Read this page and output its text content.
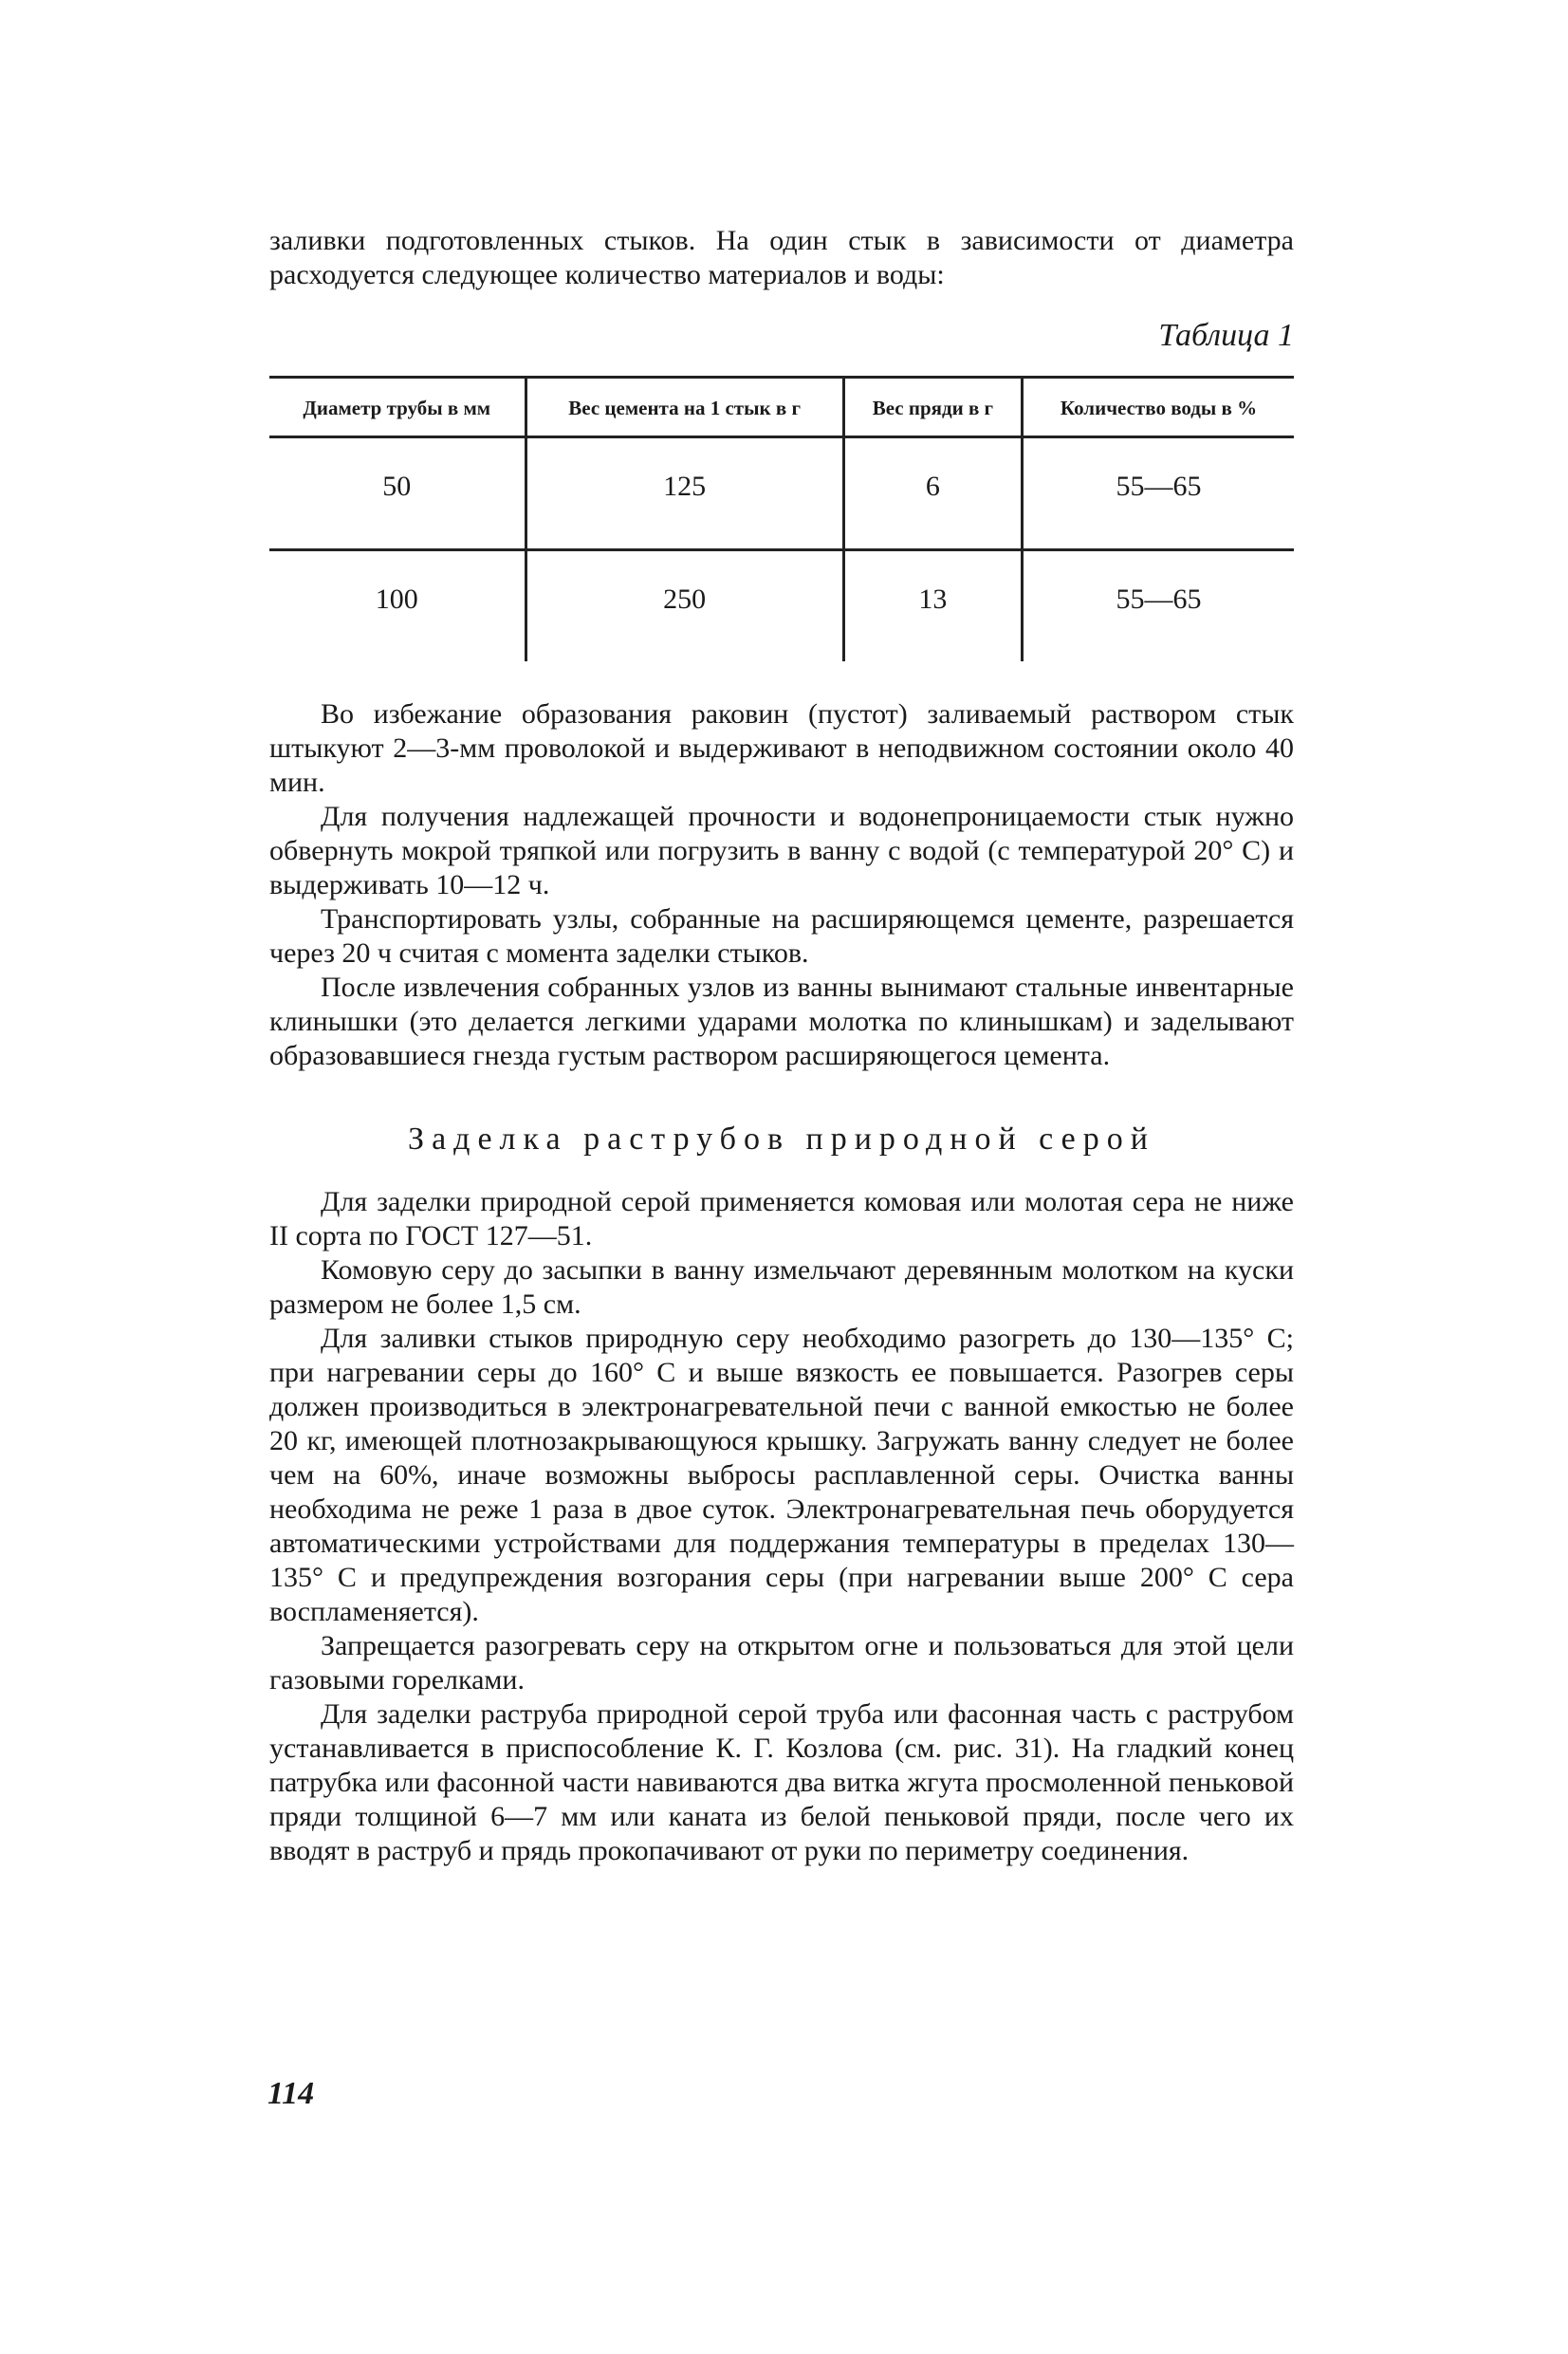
заливки подготовленных стыков. На один стык в зависимости от диаметра расходуется следующее количество материалов и воды:

Таблица 1
Диаметр трубы в мм	Вес цемента на 1 стык в г	Вес пряди в г	Количество воды в %
50	125	6	55—65
100	250	13	55—65

Во избежание образования раковин (пустот) заливаемый раствором стык штыкуют 2—3-мм проволокой и выдерживают в неподвижном состоянии около 40 мин.

Для получения надлежащей прочности и водонепроницаемости стык нужно обвернуть мокрой тряпкой или погрузить в ванну с водой (с температурой 20° С) и выдерживать 10—12 ч.

Транспортировать узлы, собранные на расширяющемся цементе, разрешается через 20 ч считая с момента заделки стыков.

После извлечения собранных узлов из ванны вынимают стальные инвентарные клинышки (это делается легкими ударами молотка по клинышкам) и заделывают образовавшиеся гнезда густым раствором расширяющегося цемента.

Заделка раструбов природной серой

Для заделки природной серой применяется комовая или молотая сера не ниже II сорта по ГОСТ 127—51.

Комовую серу до засыпки в ванну измельчают деревянным молотком на куски размером не более 1,5 см.

Для заливки стыков природную серу необходимо разогреть до 130—135° С; при нагревании серы до 160° С и выше вязкость ее повышается. Разогрев серы должен производиться в электронагревательной печи с ванной емкостью не более 20 кг, имеющей плотнозакрывающуюся крышку. Загружать ванну следует не более чем на 60%, иначе возможны выбросы расплавленной серы. Очистка ванны необходима не реже 1 раза в двое суток. Электронагревательная печь оборудуется автоматическими устройствами для поддержания температуры в пределах 130—135° С и предупреждения возгорания серы (при нагревании выше 200° С сера воспламеняется).

Запрещается разогревать серу на открытом огне и пользоваться для этой цели газовыми горелками.

Для заделки раструба природной серой труба или фасонная часть с раструбом устанавливается в приспособление К. Г. Козлова (см. рис. 31). На гладкий конец патрубка или фасонной части навиваются два витка жгута просмоленной пеньковой пряди толщиной 6—7 мм или каната из белой пеньковой пряди, после чего их вводят в раструб и прядь прокопачивают от руки по периметру соединения.

114
